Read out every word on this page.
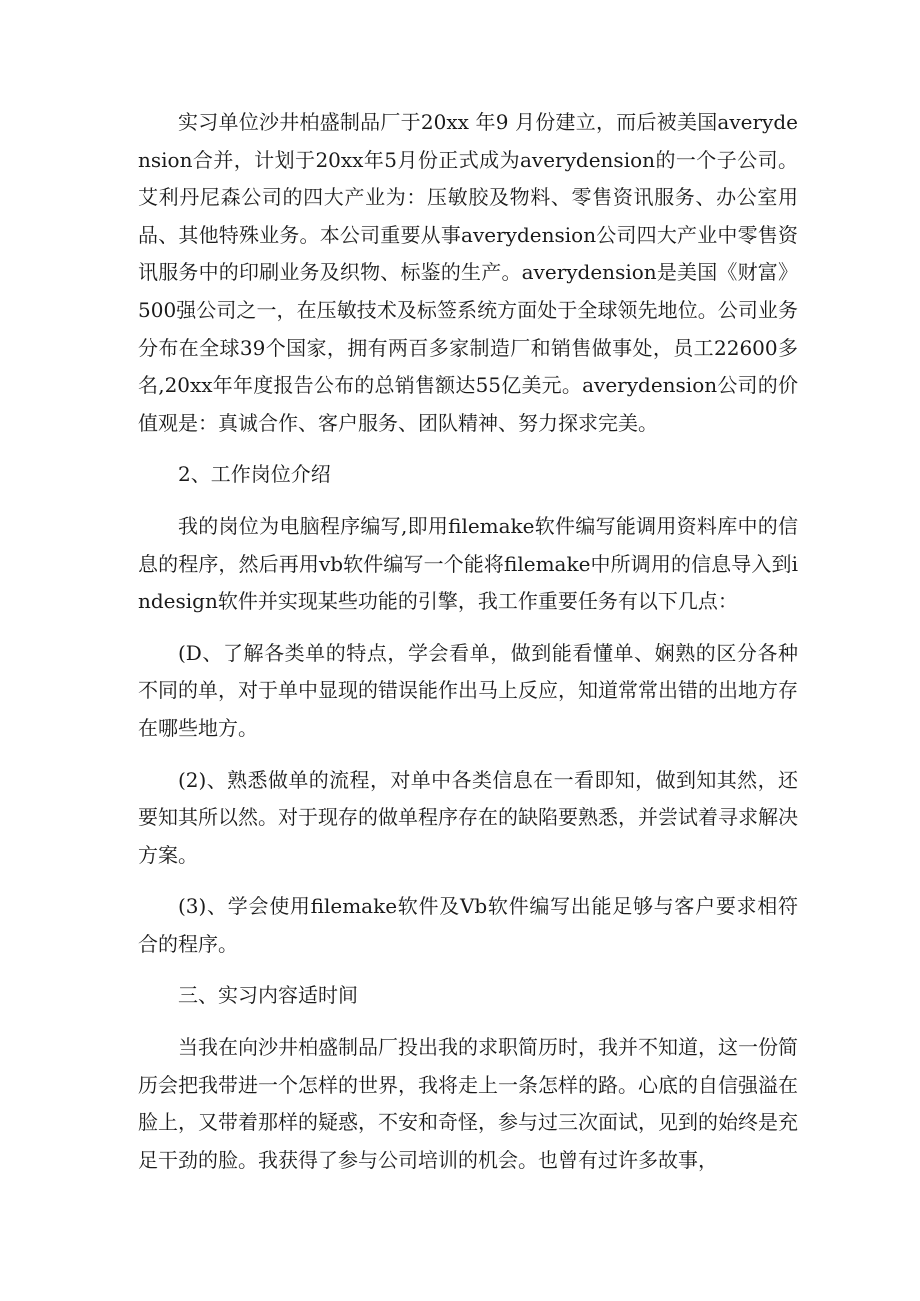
实习单位沙井柏盛制品厂于20xx 年9 月份建立，而后被美国averydension合并，计划于20xx年5月份正式成为averydension的一个子公司。艾利丹尼森公司的四大产业为：压敏胶及物料、零售资讯服务、办公室用品、其他特殊业务。本公司重要从事averydension公司四大产业中零售资讯服务中的印刷业务及织物、标鉴的生产。averydension是美国《财富》500强公司之一，在压敏技术及标签系统方面处于全球领先地位。公司业务分布在全球39个国家，拥有两百多家制造厂和销售做事处，员工22600多名,20xx年年度报告公布的总销售额达55亿美元。averydension公司的价值观是：真诚合作、客户服务、团队精神、努力探求完美。

2、工作岗位介绍

我的岗位为电脑程序编写,即用filemake软件编写能调用资料库中的信息的程序，然后再用vb软件编写一个能将filemake中所调用的信息导入到indesign软件并实现某些功能的引擎，我工作重要任务有以下几点：

(D、了解各类单的特点，学会看单，做到能看懂单、娴熟的区分各种不同的单，对于单中显现的错误能作出马上反应，知道常常出错的出地方存在哪些地方。

(2)、熟悉做单的流程，对单中各类信息在一看即知，做到知其然，还要知其所以然。对于现存的做单程序存在的缺陷要熟悉，并尝试着寻求解决方案。

(3)、学会使用filemake软件及Vb软件编写出能足够与客户要求相符合的程序。

三、实习内容适时间

当我在向沙井柏盛制品厂投出我的求职简历时，我并不知道，这一份简历会把我带进一个怎样的世界，我将走上一条怎样的路。心底的自信强溢在脸上，又带着那样的疑惑，不安和奇怪，参与过三次面试，见到的始终是充足干劲的脸。我获得了参与公司培训的机会。也曾有过许多故事，
